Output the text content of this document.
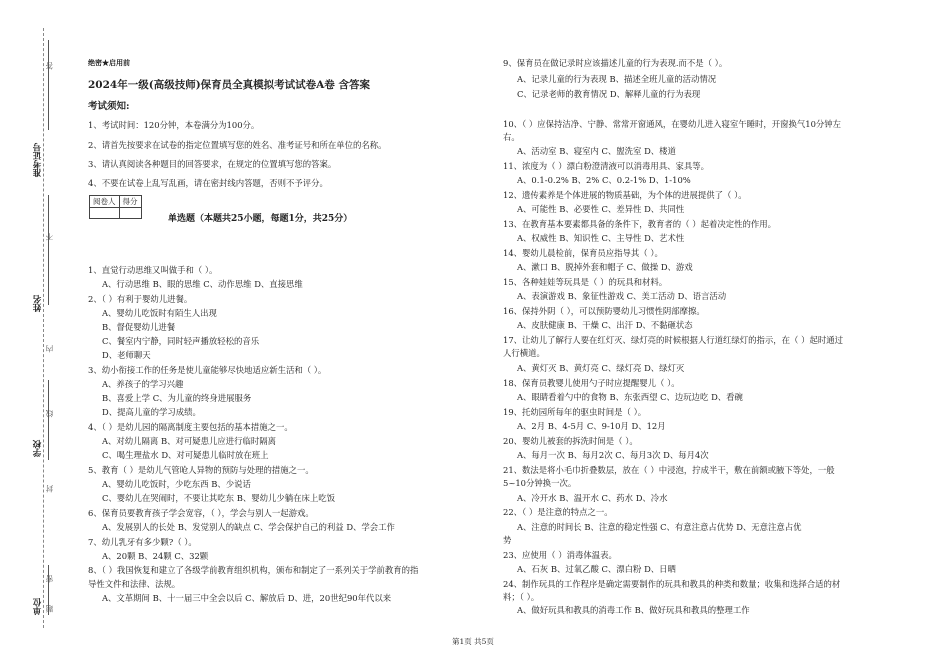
准考证号
姓名
学校
单位
答
不
内
线
封
密
题
绝密★启用前
2024年一级(高级技师)保育员全真模拟考试试卷A卷 含答案
考试须知:
1、考试时间：120分钟，本卷满分为100分。
2、请首先按要求在试卷的指定位置填写您的姓名、准考证号和所在单位的名称。
3、请认真阅读各种题目的回答要求，在规定的位置填写您的答案。
4、不要在试卷上乱写乱画，请在密封线内答题，否则不予评分。
阅卷人	得分

单选题（本题共25小题，每题1分，共25分）
1、直觉行动思维又叫做手和（ ）。
A、行动思维 B、眼的思维 C、动作思维 D、直接思维
2、（ ）有利于婴幼儿进餐。
A、婴幼儿吃饭时有陌生人出现
B、督促婴幼儿进餐
C、餐室内宁静，同时轻声播放轻松的音乐
D、老师聊天
3、幼小衔接工作的任务是使儿童能够尽快地适应新生活和（ ）。
A、养孩子的学习兴趣
B、喜爱上学 C、为儿童的终身进展服务
D、提高儿童的学习成绩。
4、（ ）是幼儿园的隔离制度主要包括的基本措施之一。
A、对幼儿隔离 B、对可疑患儿应进行临时隔离
C、喝生理盐水 D、对可疑患儿临时放在班上
5、教育（ ）是幼儿气管呛人异物的预防与处理的措施之一。
A、婴幼儿吃饭时，少吃东西 B、少说话
C、婴幼儿在哭闹时，不要让其吃东 B、婴幼儿少躺在床上吃饭
6、保育员要教育孩子学会宽容，（ ），学会与别人一起游戏。
A、发展别人的长处 B、发觉别人的缺点 C、学会保护自己的利益 D、学会工作
7、幼儿乳牙有多少颗?（ ）。
A、20颗 B、24颗 C、32颗
8、（ ）我国恢复和建立了各级学前教育组织机构，颁布和制定了一系列关于学前教育的指
导性文件和法律、法规。
A、文革期间 B、十一届三中全会以后 C、解放后 D、进，20世纪90年代以来
9、保育员在做记录时应该描述儿童的行为表现.而不是（ ）。
A、记录儿童的行为表现 B、描述全班儿童的活动情况
C、记录老师的教育情况 D、解释儿童的行为表现
10、（ ）应保持洁净、宁静、常常开窗通风，在婴幼儿进入寝室午睡时，开窗换气10分钟左
右。
A、活动室 B、寝室内 C、盥洗室 D、楼道
11、浓度为（ ）漂白粉澄清液可以消毒用具、家具等。
A、0.1-0.2% B、2% C、0.2-1% D、1-10%
12、遗传素养是个体进展的物质基础，为个体的进展提供了（ ）。
A、可能性 B、必要性 C、差异性 D、共同性
13、在教育基本要素都具备的条件下，教育者的（ ）起着决定性的作用。
A、权威性 B、知识性 C、主导性 D、艺术性
14、婴幼儿晨检前，保育员应指导其（ ）。
A、漱口 B、脱掉外套和帽子 C、做操 D、游戏
15、各种娃娃等玩具是（ ）的玩具和材料。
A、表演游戏 B、象征性游戏 C、美工活动 D、语言活动
16、保持外阴（ ），可以预防婴幼儿习惯性阴部摩擦。
A、皮肤健康 B、干燥 C、出汗 D、不黏砸状态
17、让幼儿了解行人要在红灯灭、绿灯亮的时候根据人行道红绿灯的指示，在（ ）起时通过
人行横道。
A、黄灯灭 B、黄灯亮 C、绿灯亮 D、绿灯灭
18、保育员教婴儿使用勺子时应提醒婴儿（ ）。
A、眼睛看着勺中的食物 B、东张西望 C、边玩边吃 D、看碗
19、托幼园所每年的驱虫时间是（ ）。
A、2月 B、4-5月 C、9-10月 D、12月
20、婴幼儿被套的拆洗时间是（ ）。
A、每月一次 B、每月2次 C、每月3次 D、每月4次
21、数法是将小毛巾折叠数层，放在（ ）中浸泡，拧成半干，敷在前额或腋下等处，一般
5~10分钟换一次。
A、冷开水 B、温开水 C、药水 D、冷水
22、（ ）是注意的特点之一。
A、注意的时间长 B、注意的稳定性强 C、有意注意占优势 D、无意注意占优
势
23、应使用（ ）消毒体温表。
A、石灰 B、过氧乙酸 C、漂白粉 D、日晒
24、制作玩具的工作程序是确定需要制作的玩具和教具的种类和数量；收集和选择合适的材
料；（ ）。
A、做好玩具和教具的消毒工作 B、做好玩具和教具的整理工作
第1页 共5页
